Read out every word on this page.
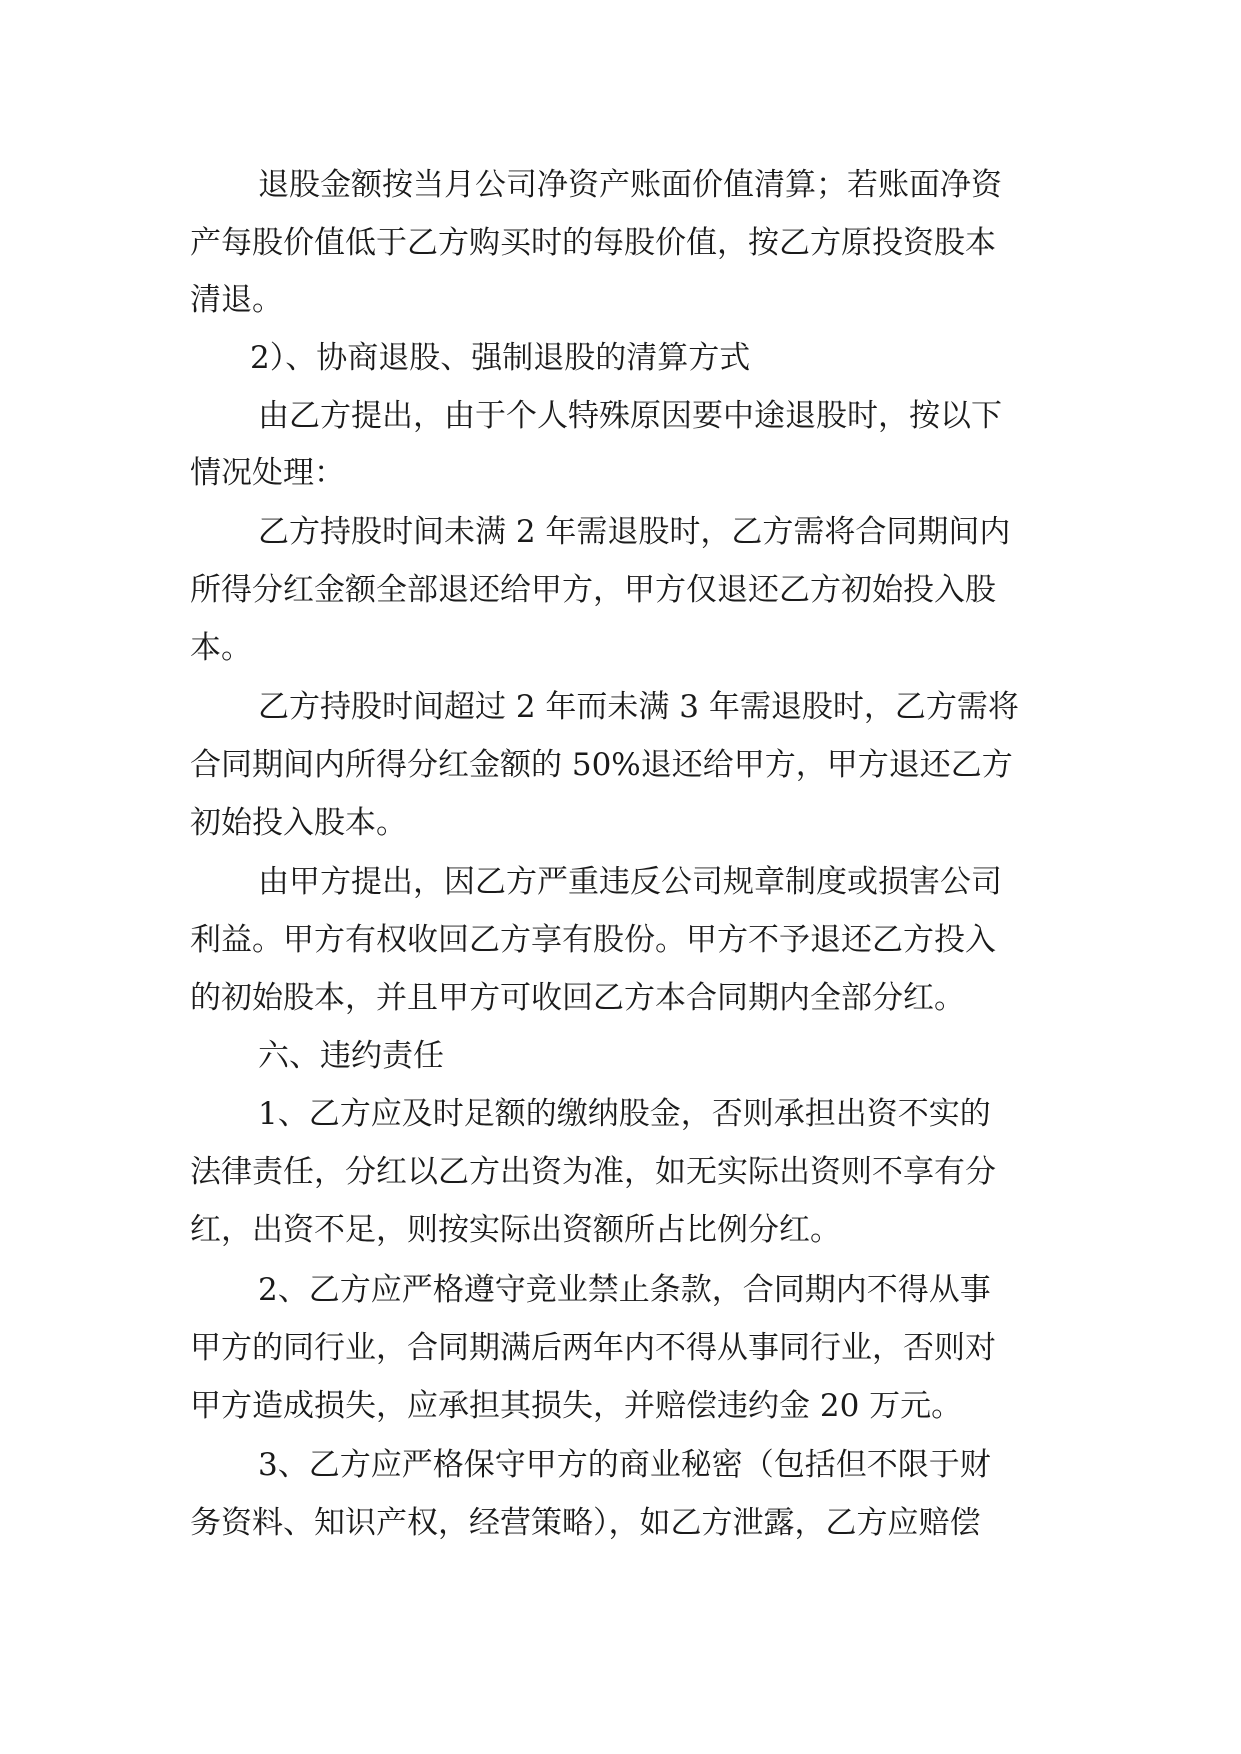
退股金额按当月公司净资产账面价值清算；若账面净资

产每股价值低于乙方购买时的每股价值，按乙方原投资股本

清退。

2）、协商退股、强制退股的清算方式

由乙方提出，由于个人特殊原因要中途退股时，按以下

情况处理：

乙方持股时间未满 2 年需退股时，乙方需将合同期间内

所得分红金额全部退还给甲方，甲方仅退还乙方初始投入股

本。

乙方持股时间超过 2 年而未满 3 年需退股时，乙方需将

合同期间内所得分红金额的 50%退还给甲方，甲方退还乙方

初始投入股本。

由甲方提出，因乙方严重违反公司规章制度或损害公司

利益。甲方有权收回乙方享有股份。甲方不予退还乙方投入

的初始股本，并且甲方可收回乙方本合同期内全部分红。

六、违约责任

1、乙方应及时足额的缴纳股金，否则承担出资不实的

法律责任，分红以乙方出资为准，如无实际出资则不享有分

红，出资不足，则按实际出资额所占比例分红。

2、乙方应严格遵守竞业禁止条款，合同期内不得从事

甲方的同行业，合同期满后两年内不得从事同行业，否则对

甲方造成损失，应承担其损失，并赔偿违约金 20 万元。

3、乙方应严格保守甲方的商业秘密（包括但不限于财

务资料、知识产权，经营策略），如乙方泄露，乙方应赔偿
